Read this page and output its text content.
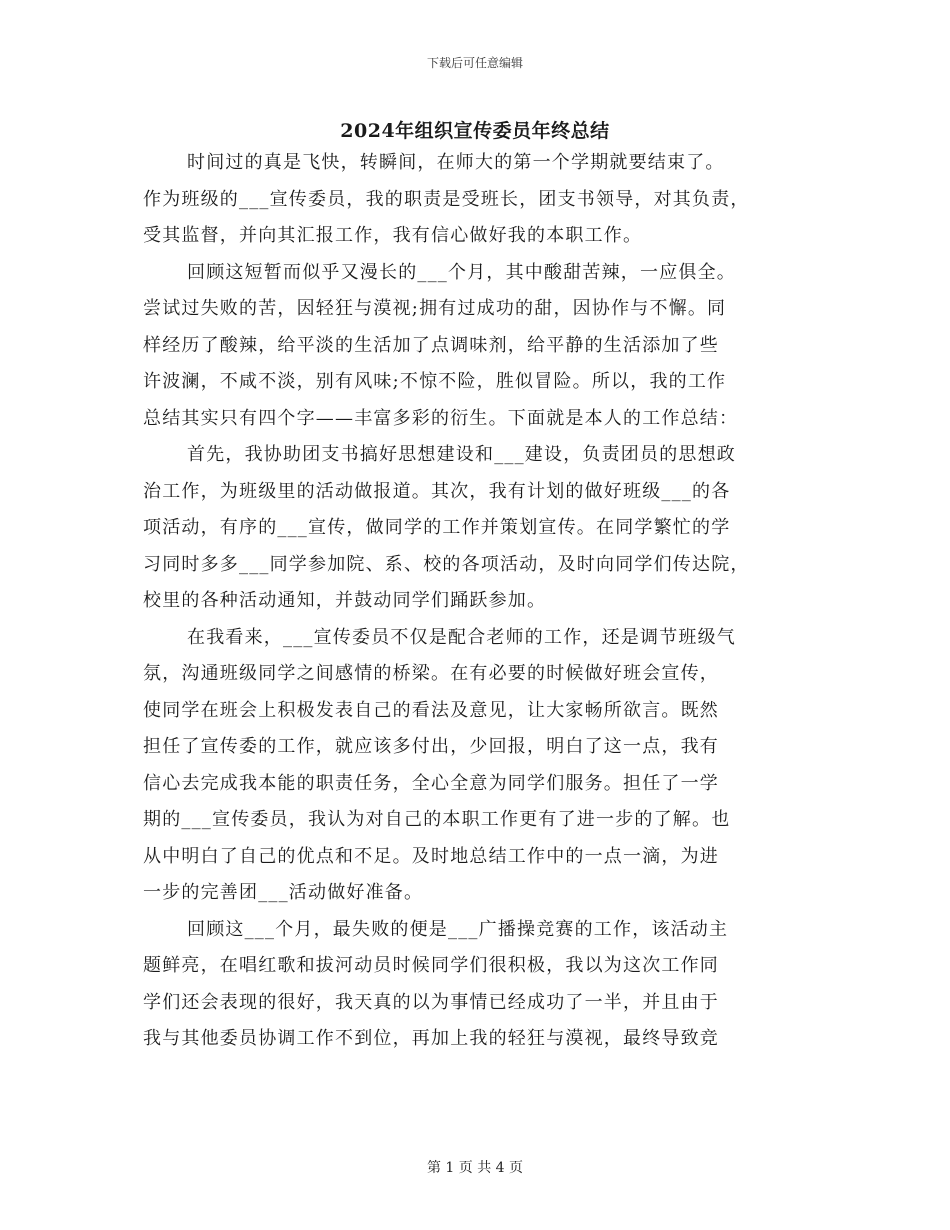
下载后可任意编辑
2024年组织宣传委员年终总结
时间过的真是飞快，转瞬间，在师大的第一个学期就要结束了。
作为班级的___宣传委员，我的职责是受班长，团支书领导，对其负责，
受其监督，并向其汇报工作，我有信心做好我的本职工作。
回顾这短暂而似乎又漫长的___个月，其中酸甜苦辣，一应俱全。
尝试过失败的苦，因轻狂与漠视;拥有过成功的甜，因协作与不懈。同
样经历了酸辣，给平淡的生活加了点调味剂，给平静的生活添加了些
许波澜，不咸不淡，别有风味;不惊不险，胜似冒险。所以，我的工作
总结其实只有四个字——丰富多彩的衍生。下面就是本人的工作总结：
首先，我协助团支书搞好思想建设和___建设，负责团员的思想政
治工作，为班级里的活动做报道。其次，我有计划的做好班级___的各
项活动，有序的___宣传，做同学的工作并策划宣传。在同学繁忙的学
习同时多多___同学参加院、系、校的各项活动，及时向同学们传达院，
校里的各种活动通知，并鼓动同学们踊跃参加。
在我看来，___宣传委员不仅是配合老师的工作，还是调节班级气
氛，沟通班级同学之间感情的桥梁。在有必要的时候做好班会宣传，
使同学在班会上积极发表自己的看法及意见，让大家畅所欲言。既然
担任了宣传委的工作，就应该多付出，少回报，明白了这一点，我有
信心去完成我本能的职责任务，全心全意为同学们服务。担任了一学
期的___宣传委员，我认为对自己的本职工作更有了进一步的了解。也
从中明白了自己的优点和不足。及时地总结工作中的一点一滴，为进
一步的完善团___活动做好准备。
回顾这___个月，最失败的便是___广播操竞赛的工作，该活动主
题鲜亮，在唱红歌和拔河动员时候同学们很积极，我以为这次工作同
学们还会表现的很好，我天真的以为事情已经成功了一半，并且由于
我与其他委员协调工作不到位，再加上我的轻狂与漠视，最终导致竞
第 1 页 共 4 页
